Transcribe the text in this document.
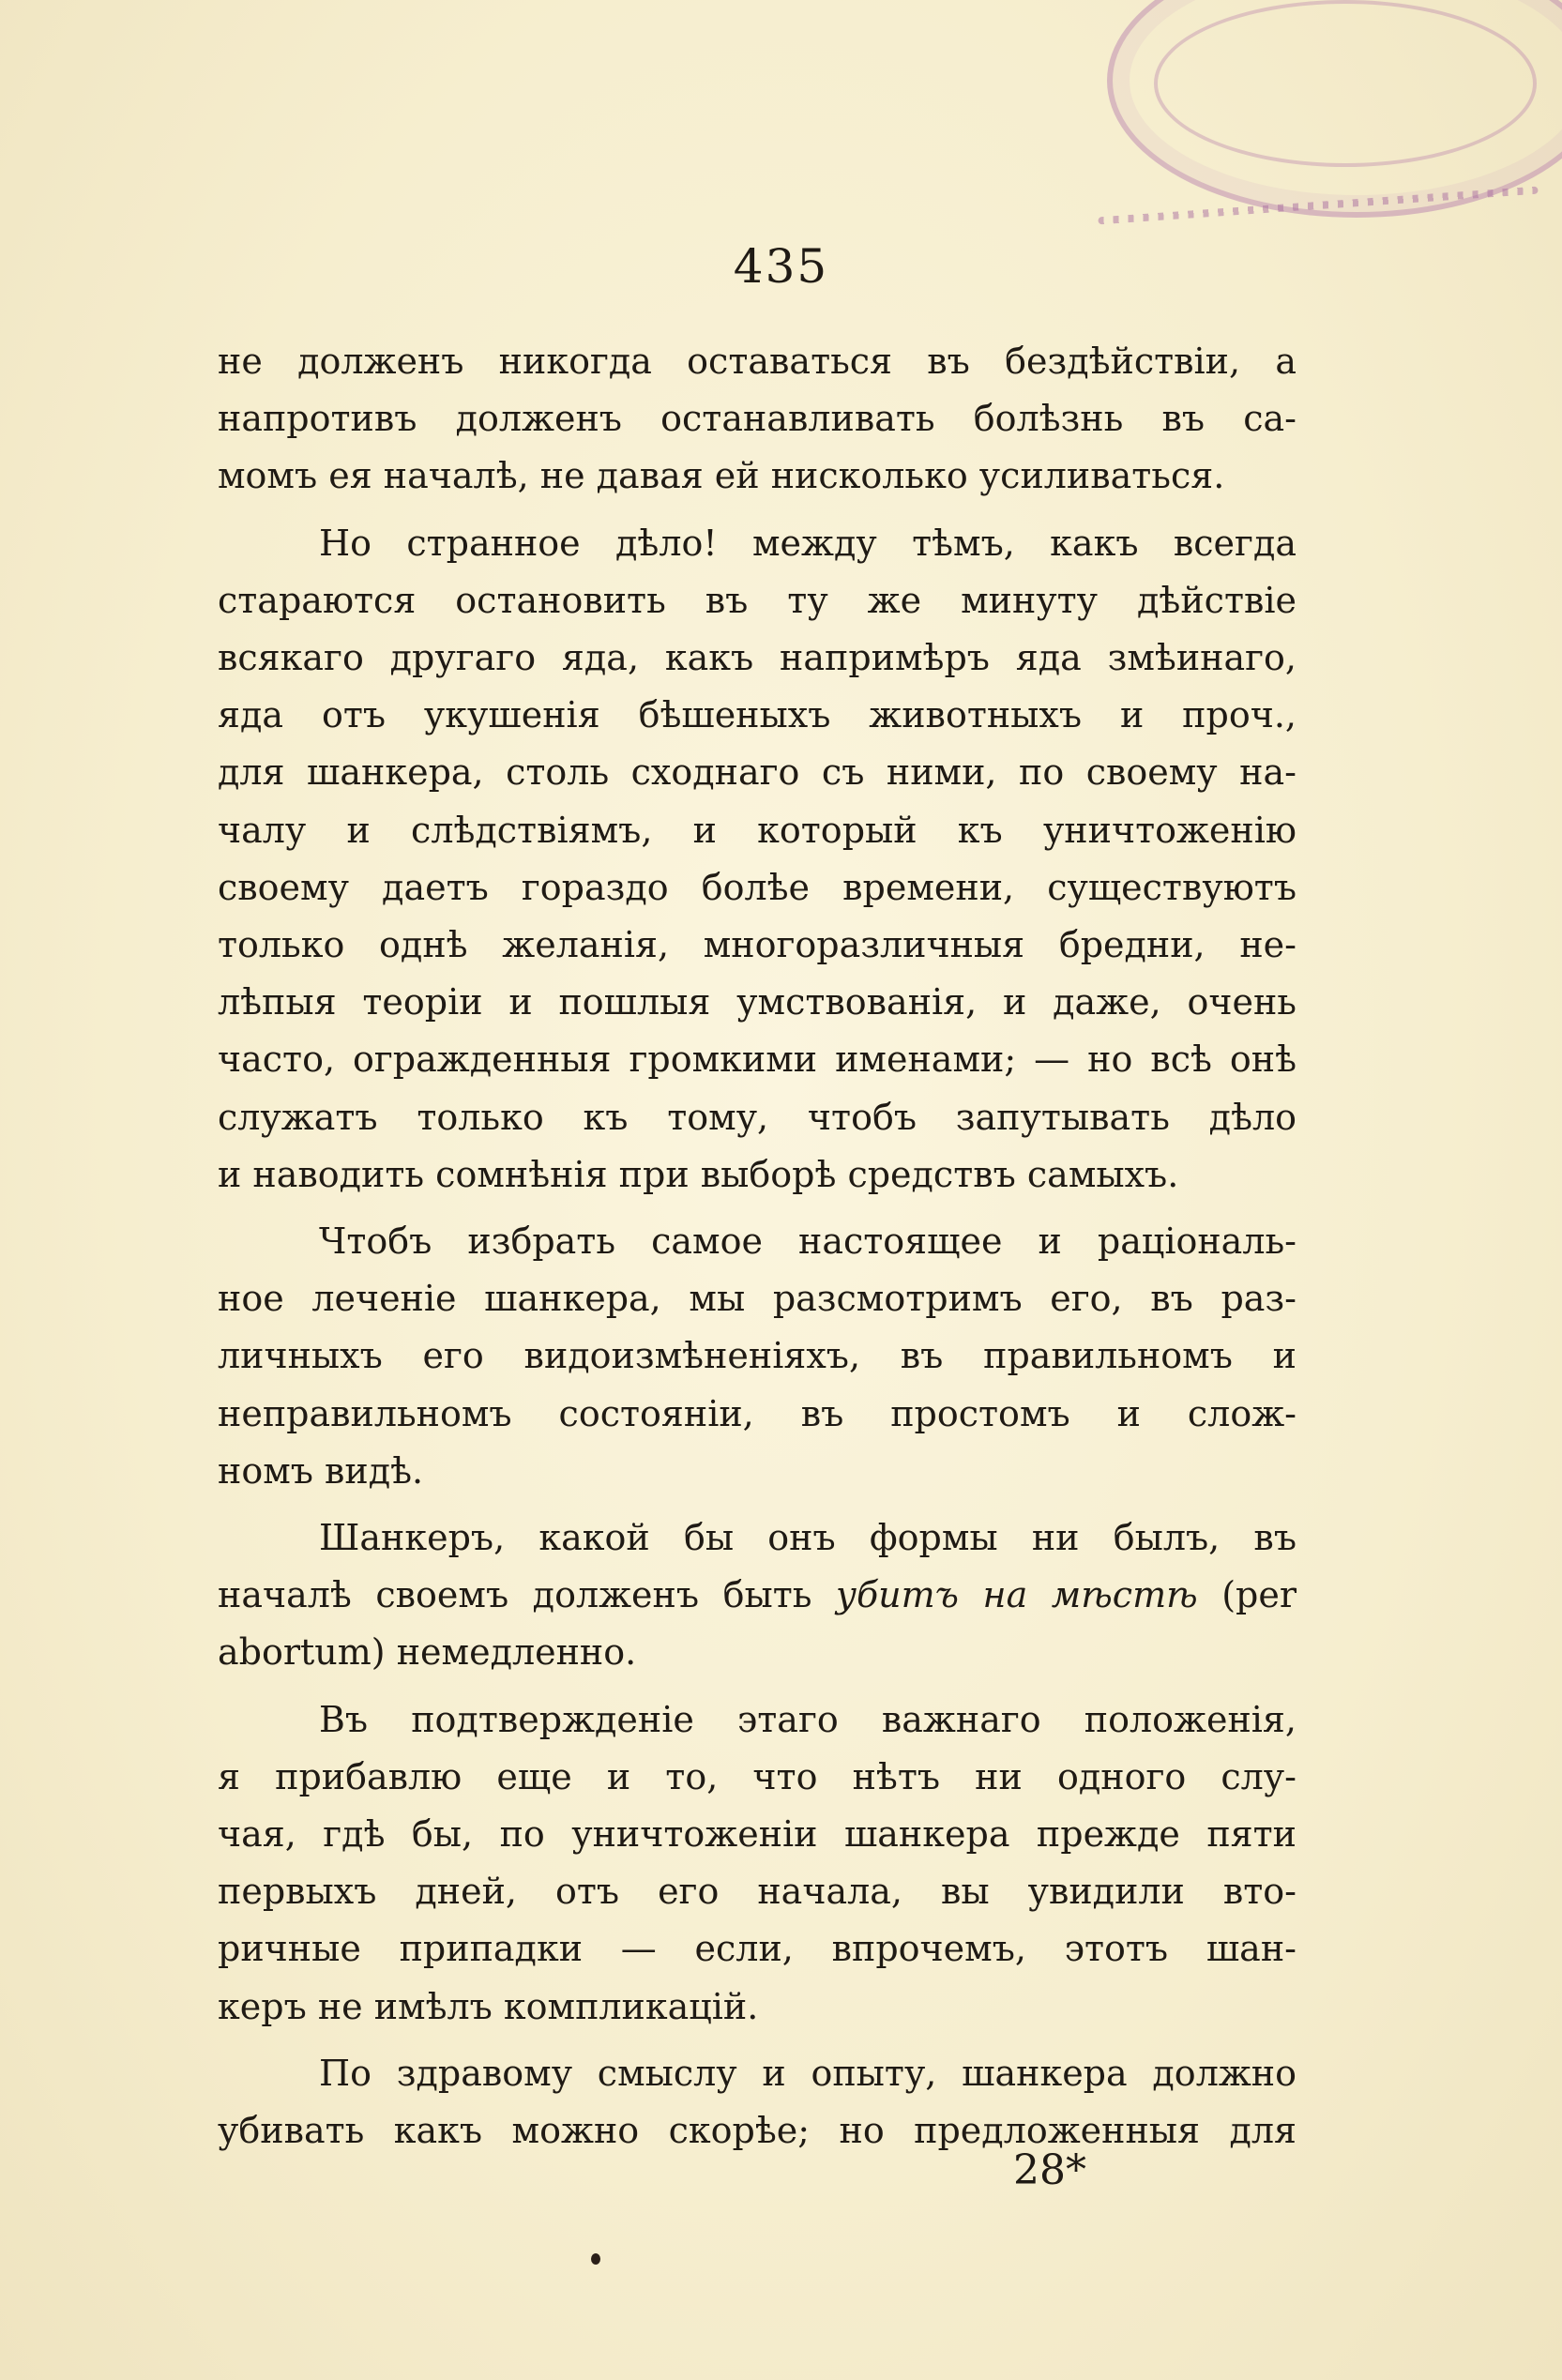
435

не долженъ никогда оставаться въ бездѣйствіи, а
напротивъ долженъ останавливать болѣзнь въ са-
момъ ея началѣ, не давая ей нисколько усиливаться.

Но странное дѣло! между тѣмъ, какъ всегда
стараются остановить въ ту же минуту дѣйствіе
всякаго другаго яда, какъ напримѣръ яда змѣинаго,
яда отъ укушенія бѣшеныхъ животныхъ и проч.,
для шанкера, столь сходнаго съ ними, по своему на-
чалу и слѣдствіямъ, и который къ уничтоженію
своему даетъ гораздо болѣе времени, существуютъ
только однѣ желанія, многоразличныя бредни, не-
лѣпыя теоріи и пошлыя умствованія, и даже, очень
часто, огражденныя громкими именами; — но всѣ онѣ
служатъ только къ тому, чтобъ запутывать дѣло
и наводить сомнѣнія при выборѣ средствъ самыхъ.

Чтобъ избрать самое настоящее и раціональ-
ное леченіе шанкера, мы разсмотримъ его, въ раз-
личныхъ его видоизмѣненіяхъ, въ правильномъ и
неправильномъ состояніи, въ простомъ и слож-
номъ видѣ.

Шанкеръ, какой бы онъ формы ни былъ, въ
началѣ своемъ долженъ быть убитъ на мѣстѣ (per
abortum) немедленно.

Въ подтвержденіе этаго важнаго положенія,
я прибавлю еще и то, что нѣтъ ни одного слу-
чая, гдѣ бы, по уничтоженіи шанкера прежде пяти
первыхъ дней, отъ его начала, вы увидили вто-
ричные припадки — если, впрочемъ, этотъ шан-
керъ не имѣлъ компликацій.

По здравому смыслу и опыту, шанкера должно
убивать какъ можно скорѣе; но предложенныя для

28*
